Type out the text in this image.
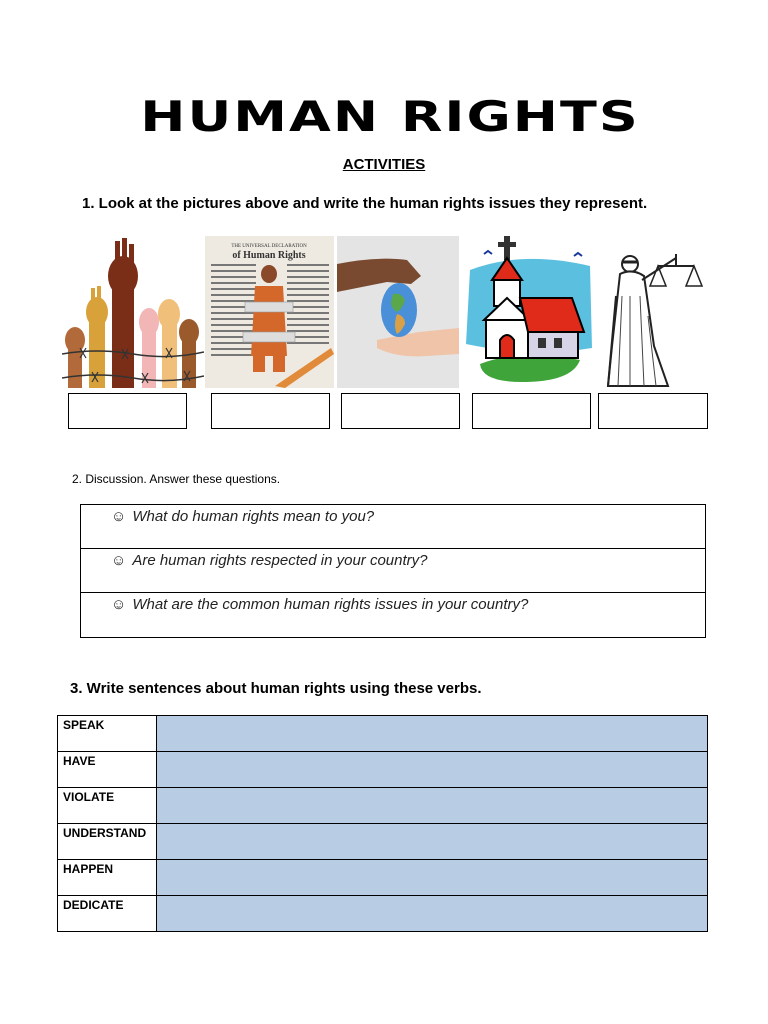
HUMAN RIGHTS
ACTIVITIES
1. Look at the pictures above and write the human rights issues they represent.
THE UNIVERSAL DECLARATION
of Human Rights
2. Discussion. Answer these questions.
☺ What do human rights mean to you?
☺ Are human rights respected in your country?
☺ What are the common human rights issues in your country?
3. Write sentences about human rights using these verbs.
SPEAK	
HAVE	
VIOLATE	
UNDERSTAND	
HAPPEN	
DEDICATE	
